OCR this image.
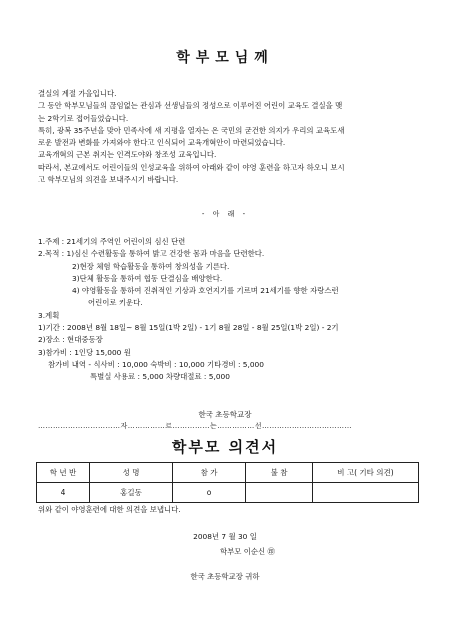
학부모님께
결실의 계절 가을입니다.
그 동안 학부모님들의 끊임없는 관심과 선생님들의 정성으로 이루어진 어린이 교육도 결실을 맺
는 2학기로 접어들었습니다.
특히, 광복 35주년을 맞아 민족사에 새 지평을 열자는 온 국민의 굳건한 의지가 우리의 교육도새
로운 발전과 변화를 가져와야 한다고 인식되어 교육개혁안이 마련되었습니다.
교육개혁의 근본 취지는 인격도야와 창조성 교육입니다.
따라서, 본교에서도 어린이들의 인성교육을 위하여 아래와 같이 야영 훈련을 하고자 하오니 보시
고 학부모님의 의견을 보내주시기 바랍니다.
- 아 래 -
1.주제 : 21세기의 주역인 어린이의 심신 단련
2.목적 : 1)심신 수련활동을 통하여 밝고 건강한 몸과 마음을 단련한다.
2)현장 체험 학습활동을 통하여 창의성을 기른다.
3)단체 활동을 통하여 협동 단결심을 배양한다.
4) 야영활동을 통하여 진취적인 기상과 호연지기를 기르며 21세기를 향한 자랑스런
어린이로 키운다.
3.계획
1)기간 : 2008년 8월 18일~ 8월 15일(1박 2일) - 1기 8월 28일 - 8월 25일(1박 2일) - 2기
2)장소 : 현대중동장
3)참가비 : 1인당 15,000 원
참가비 내역 - 식사비 : 10,000 숙박비 : 10,000 기타경비 : 5,000
특별실 사용료 : 5,000 차량대절료 : 5,000
한국 초등학교장
……………………………자……………르……………는……………선………………………………
학부모 의견서
학 년 반	성 명	참 가	불 참	비 고( 기타 의견)
4	홍길동	o		
위와 같이 야영훈련에 대한 의견을 보냅니다.
2008년 7 월 30 일
학부모 이순신 ㊞
한국 초등학교장 귀하
